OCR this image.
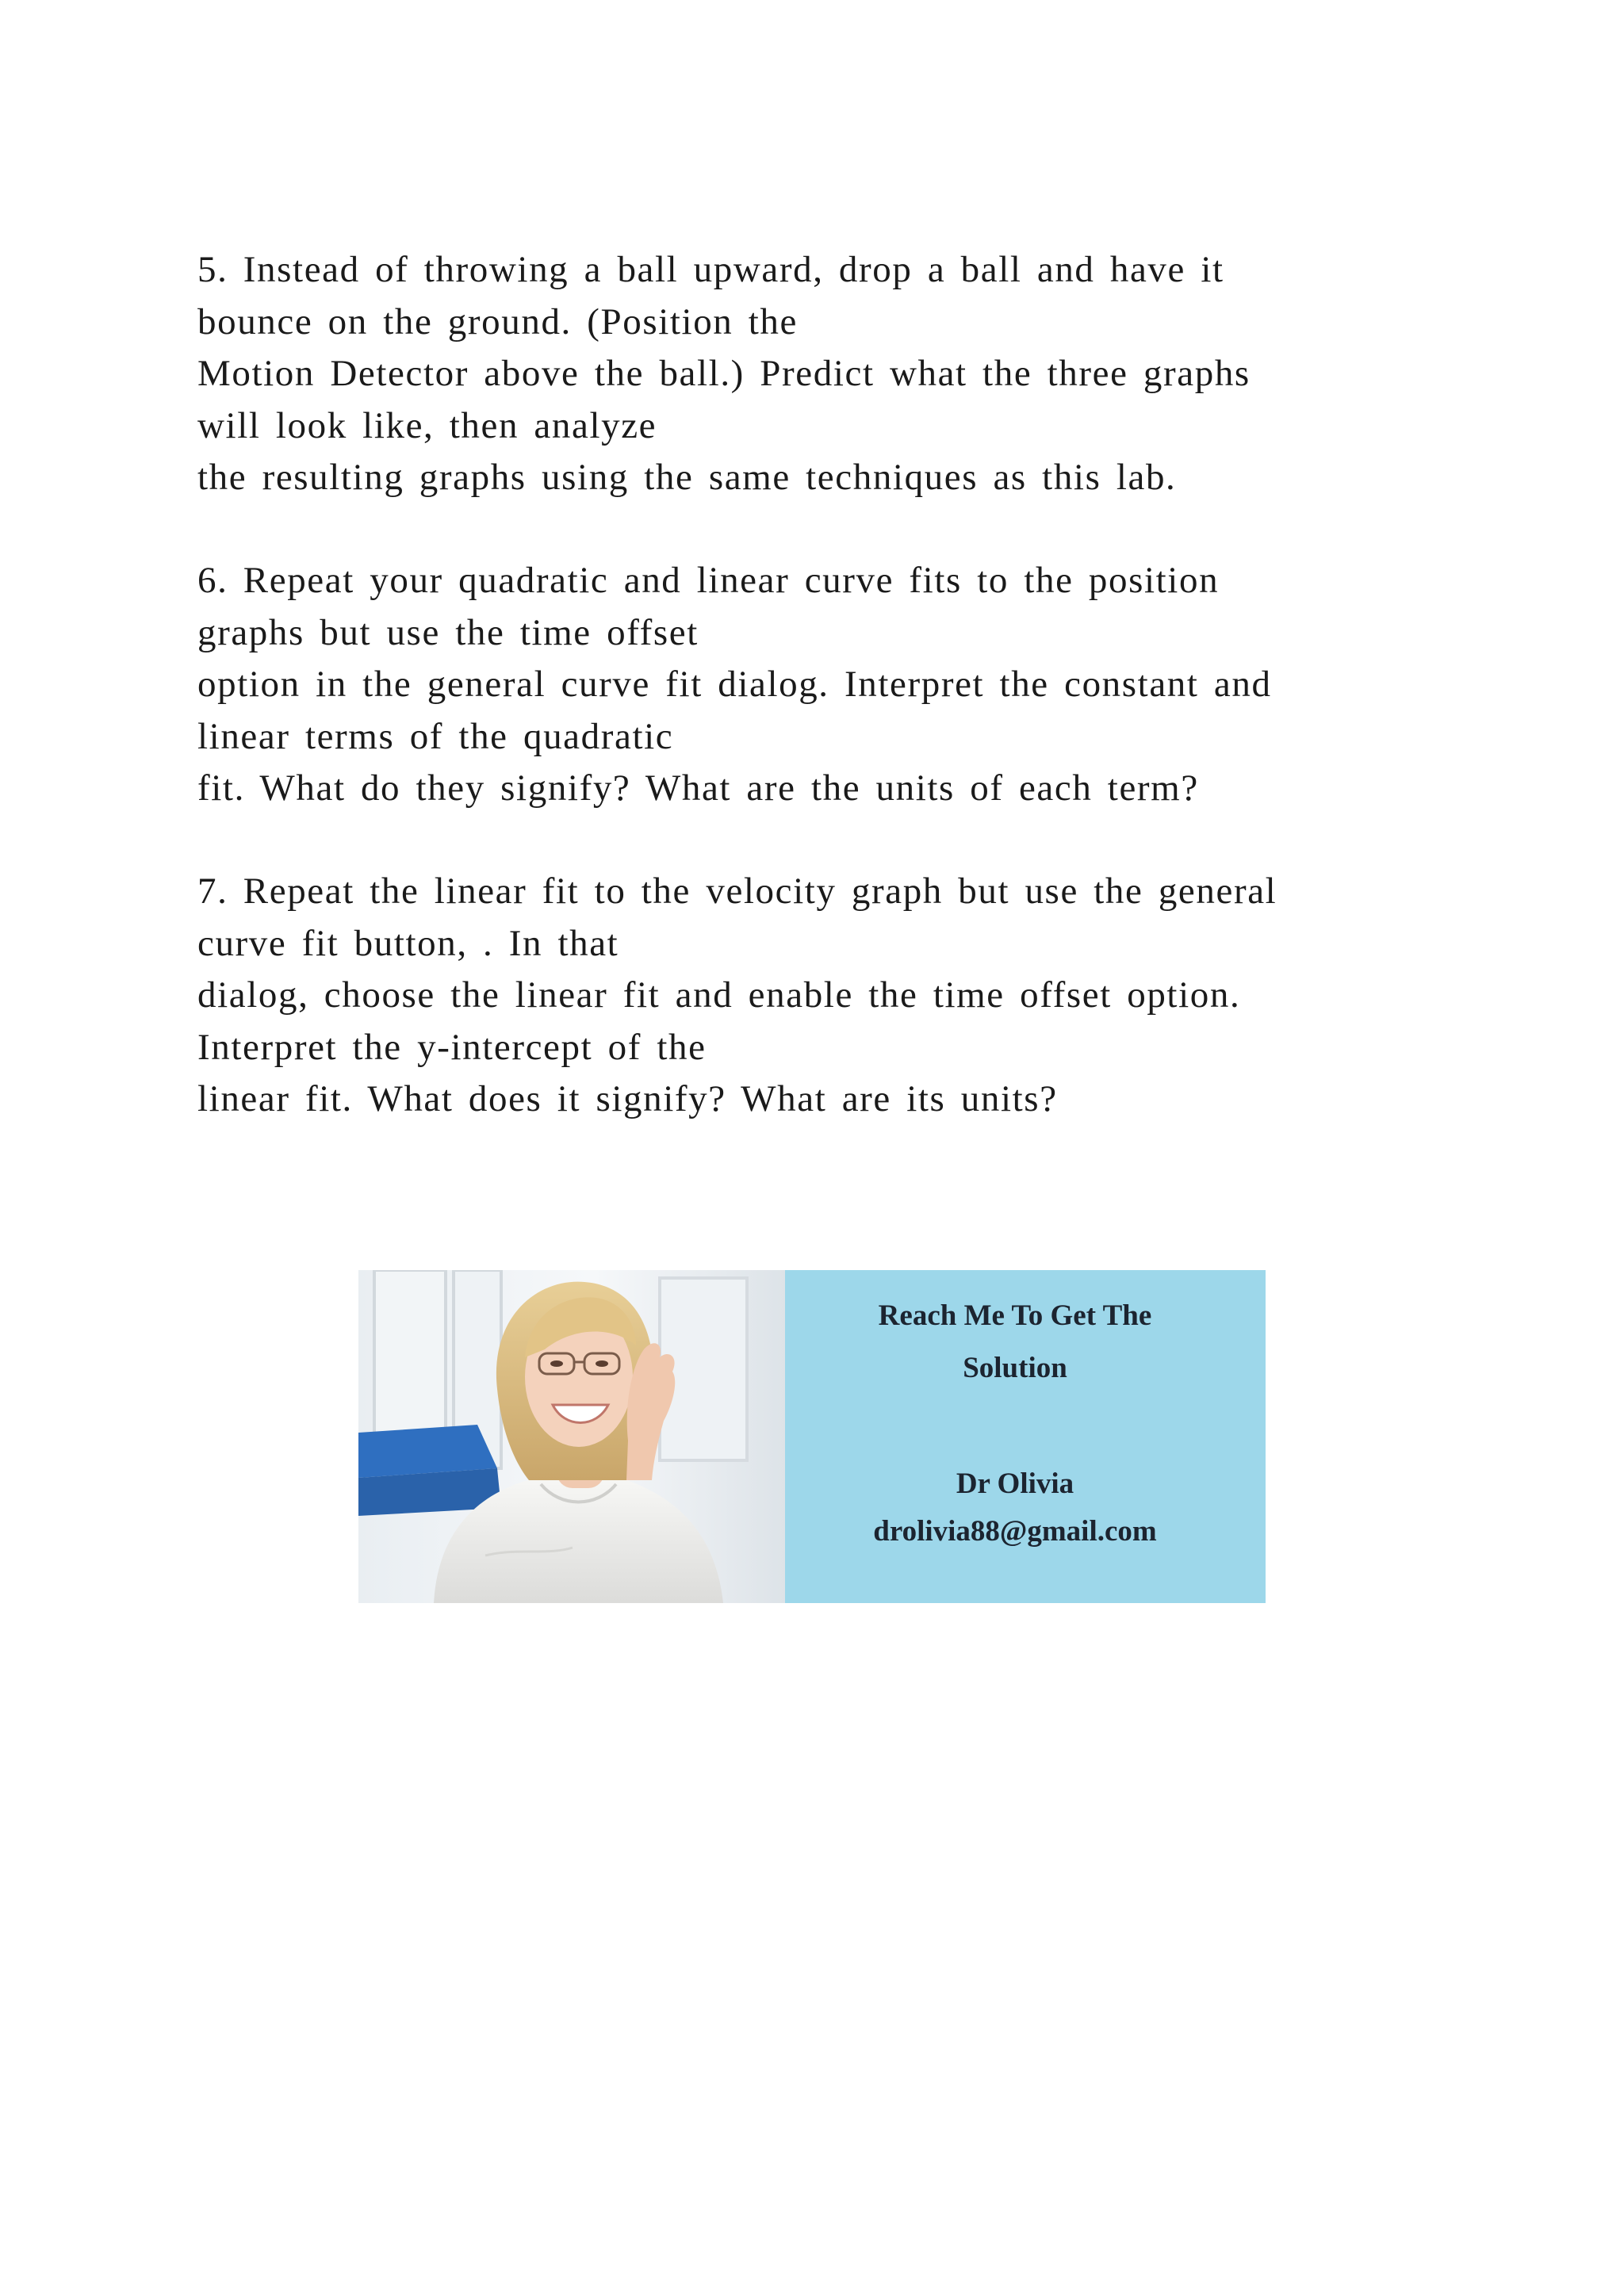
5. Instead of throwing a ball upward, drop a ball and have it
bounce on the ground. (Position the
Motion Detector above the ball.) Predict what the three graphs
will look like, then analyze
the resulting graphs using the same techniques as this lab.

6. Repeat your quadratic and linear curve fits to the position
graphs but use the time offset
option in the general curve fit dialog. Interpret the constant and
linear terms of the quadratic
fit. What do they signify? What are the units of each term?

7. Repeat the linear fit to the velocity graph but use the general
curve fit button, . In that
dialog, choose the linear fit and enable the time offset option.
Interpret the y-intercept of the
linear fit. What does it signify? What are its units?

Reach Me To Get The
Solution
Dr Olivia
drolivia88@gmail.com
